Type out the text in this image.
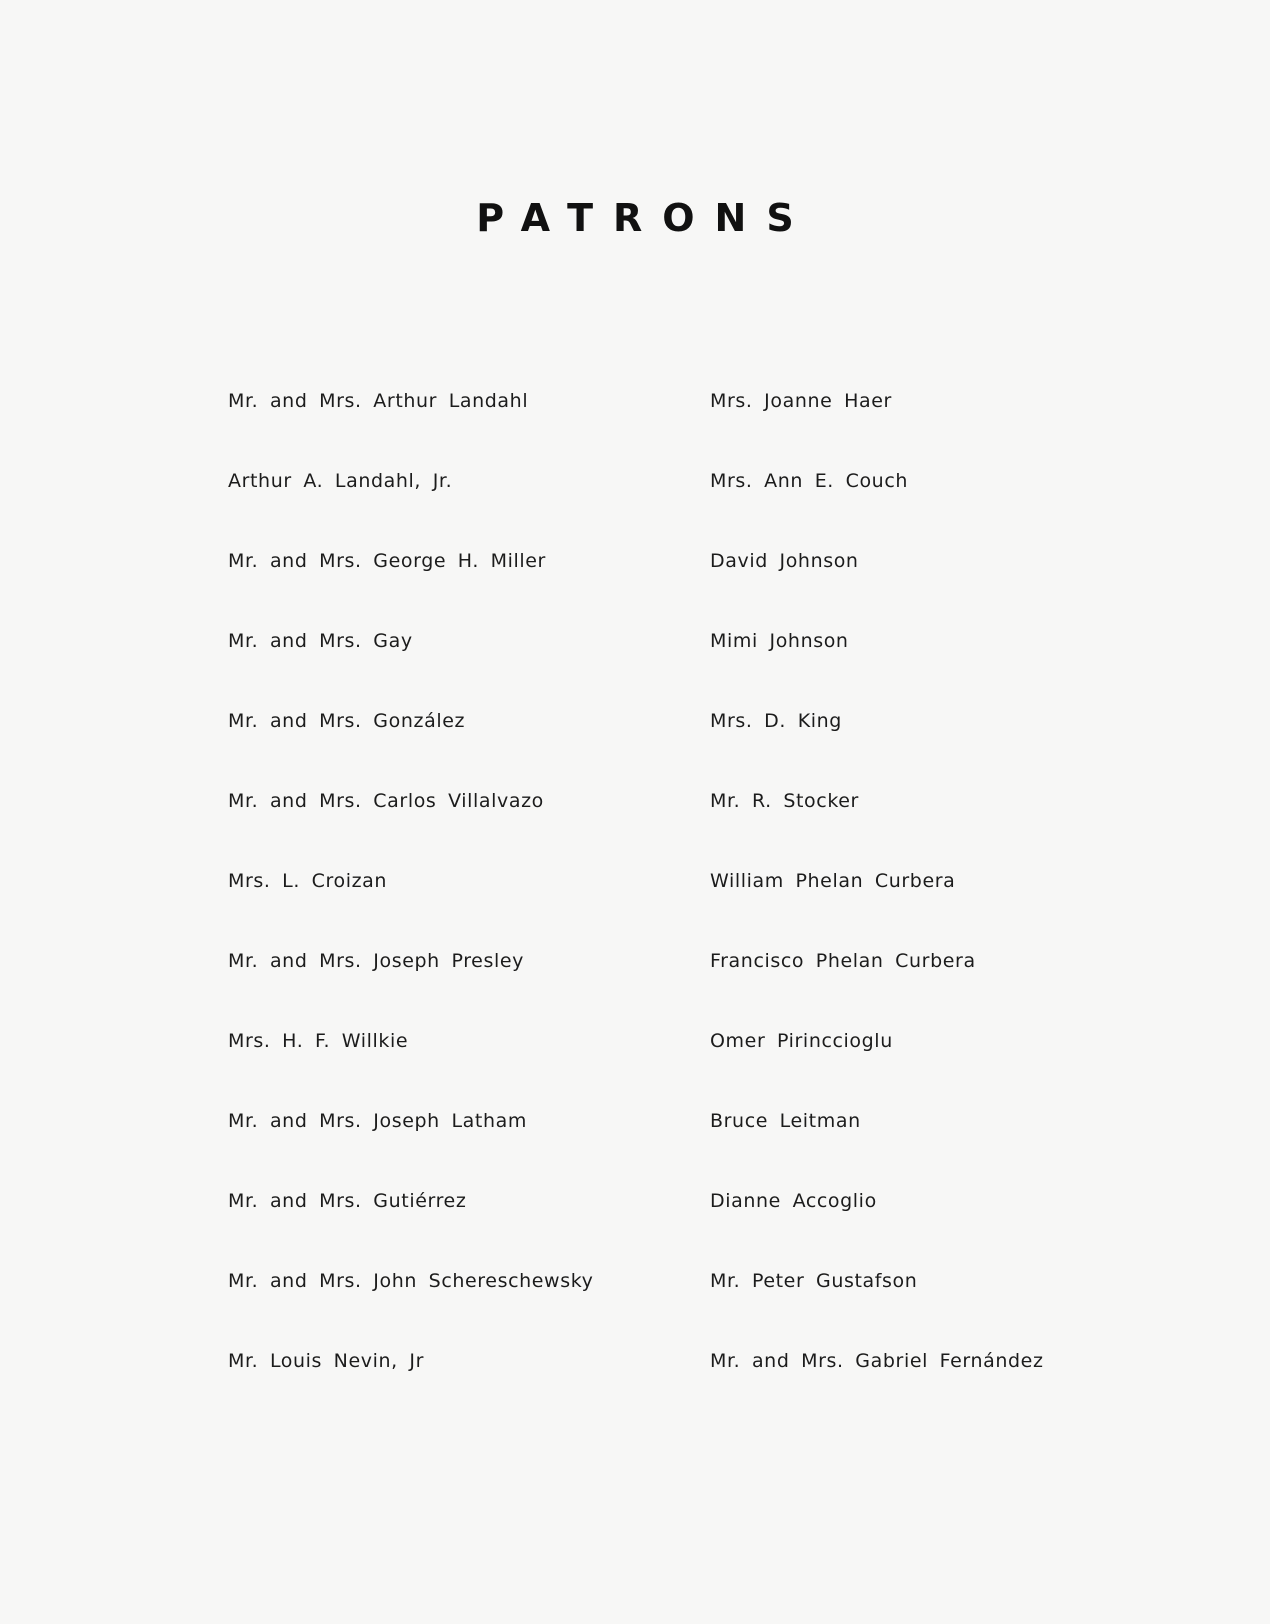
PATRONS
Mr. and Mrs. Arthur Landahl
Arthur A. Landahl, Jr.
Mr. and Mrs. George H. Miller
Mr. and Mrs. Gay
Mr. and Mrs. González
Mr. and Mrs. Carlos Villalvazo
Mrs. L. Croizan
Mr. and Mrs. Joseph Presley
Mrs. H. F. Willkie
Mr. and Mrs. Joseph Latham
Mr. and Mrs. Gutiérrez
Mr. and Mrs. John Schereschewsky
Mr. Louis Nevin, Jr
Mrs. Joanne Haer
Mrs. Ann E. Couch
David Johnson
Mimi Johnson
Mrs. D. King
Mr. R. Stocker
William Phelan Curbera
Francisco Phelan Curbera
Omer Pirinccioglu
Bruce Leitman
Dianne Accoglio
Mr. Peter Gustafson
Mr. and Mrs. Gabriel Fernández
